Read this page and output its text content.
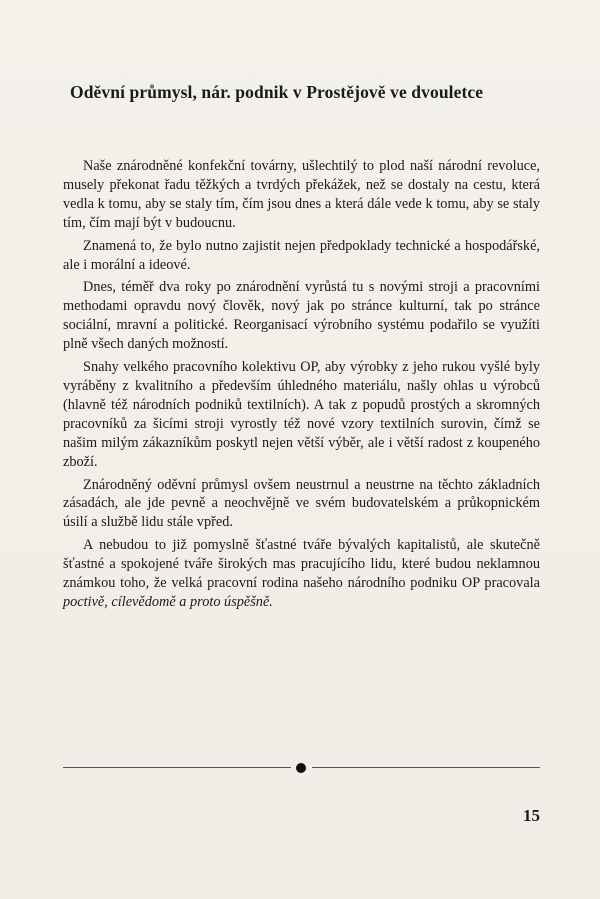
Oděvní průmysl, nár. podnik v Prostějově ve dvouletce

Naše znárodněné konfekční továrny, ušlechtilý to plod naší národní revoluce, musely překonat řadu těžkých a tvrdých překážek, než se dostaly na cestu, která vedla k tomu, aby se staly tím, čím jsou dnes a která dále vede k tomu, aby se staly tím, čím mají být v budoucnu.

Znamená to, že bylo nutno zajistit nejen předpoklady technické a hospodářské, ale i morální a ideové.

Dnes, téměř dva roky po znárodnění vyrůstá tu s novými stroji a pracovními methodami opravdu nový člověk, nový jak po stránce kulturní, tak po stránce sociální, mravní a politické. Reorganisací výrobního systému podařilo se využíti plně všech daných možností.

Snahy velkého pracovního kolektivu OP, aby výrobky z jeho rukou vyšlé byly vyráběny z kvalitního a především úhledného materiálu, našly ohlas u výrobců (hlavně též národních podniků textilních). A tak z popudů prostých a skromných pracovníků za šicími stroji vyrostly též nové vzory textilních surovin, čímž se našim milým zákazníkům poskytl nejen větší výběr, ale i větší radost z koupeného zboží.

Znárodněný oděvní průmysl ovšem neustrnul a neustrne na těchto základních zásadách, ale jde pevně a neochvějně ve svém budovatelském a průkopnickém úsilí a službě lidu stále vpřed.

A nebudou to již pomyslně šťastné tváře bývalých kapitalistů, ale skutečně šťastné a spokojené tváře širokých mas pracujícího lidu, které budou neklamnou známkou toho, že velká pracovní rodina našeho národního podniku OP pracovala poctivě, cílevědomě a proto úspěšně.

15
